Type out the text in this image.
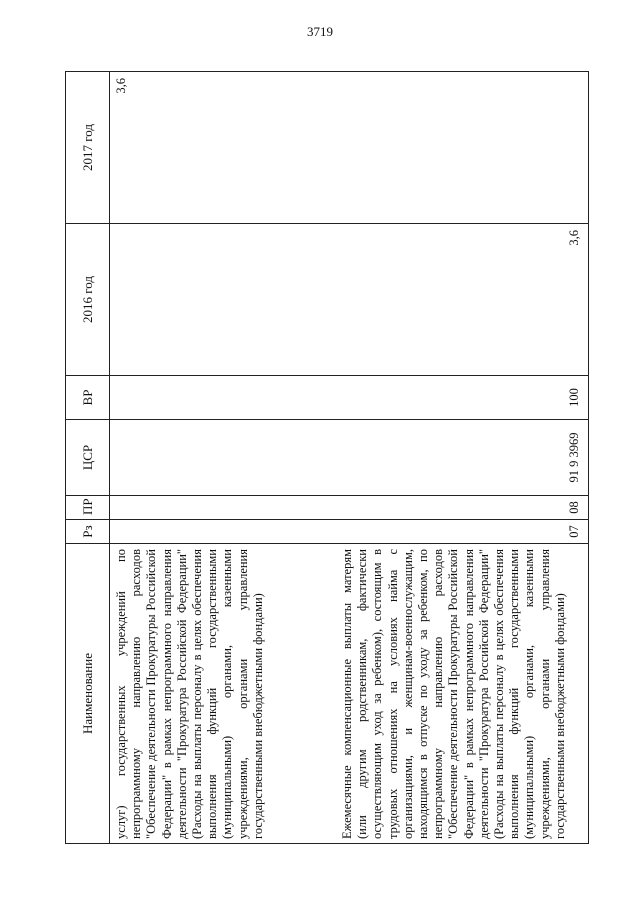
3719
Наименование	Рз	ПР	ЦСР	ВР	2016 год	2017 год
услуг) государственных учреждений по непрограммному направлению расходов "Обеспечение деятельности Прокуратуры Российской Федерации" в рамках непрограммного направления деятельности "Прокуратура Российской Федерации" (Расходы на выплаты персоналу в целях обеспечения выполнения функций государственными (муниципальными) органами, казенными учреждениями, органами управления государственными внебюджетными фондами)						3,6
Ежемесячные компенсационные выплаты матерям (или другим родственникам, фактически осуществляющим уход за ребенком), состоящим в трудовых отношениях на условиях найма с организациями, и женщинам-военнослужащим, находящимся в отпуске по уходу за ребенком, по непрограммному направлению расходов "Обеспечение деятельности Прокуратуры Российской Федерации" в рамках непрограммного направления деятельности "Прокуратура Российской Федерации" (Расходы на выплаты персоналу в целях обеспечения выполнения функций государственными (муниципальными) органами, казенными учреждениями, органами управления государственными внебюджетными фондами)	07	08	91 9 3969	100	3,6	
